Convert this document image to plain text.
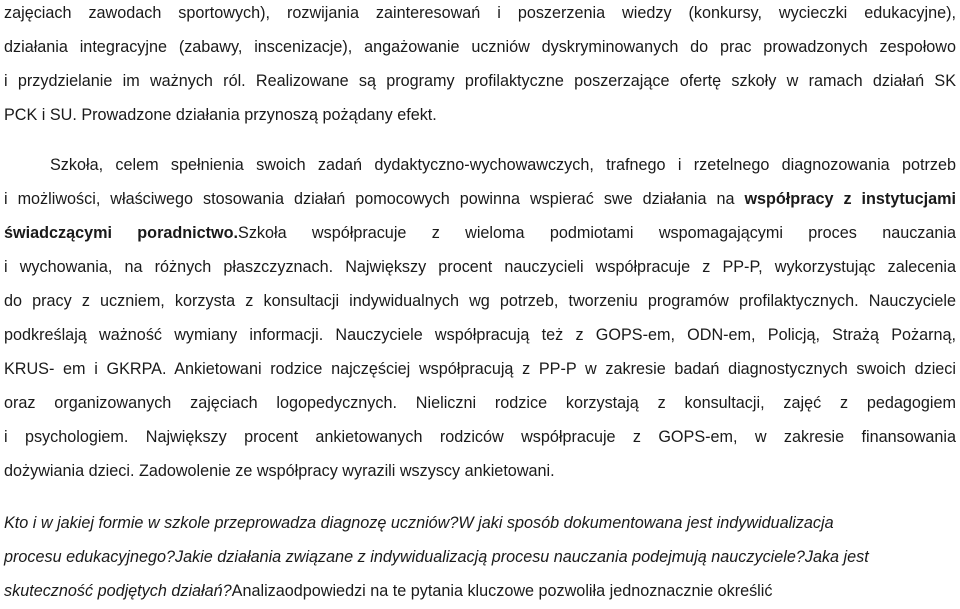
zajęciach zawodach sportowych), rozwijania zainteresowań i poszerzenia wiedzy (konkursy, wycieczki edukacyjne),
działania integracyjne (zabawy, inscenizacje), angażowanie uczniów dyskryminowanych do prac prowadzonych zespołowo
i przydzielanie im ważnych ról. Realizowane są programy profilaktyczne poszerzające ofertę szkoły w ramach działań SK
PCK i SU. Prowadzone działania przynoszą pożądany efekt.
Szkoła, celem spełnienia swoich zadań dydaktyczno-wychowawczych, trafnego i rzetelnego diagnozowania potrzeb
i możliwości, właściwego stosowania działań pomocowych powinna wspierać swe działania na współpracy z instytucjami
świadczącymi poradnictwo.Szkoła współpracuje z wieloma podmiotami wspomagającymi proces nauczania
i wychowania, na różnych płaszczyznach. Największy procent nauczycieli współpracuje z PP-P, wykorzystując zalecenia
do pracy z uczniem, korzysta z konsultacji indywidualnych wg potrzeb, tworzeniu programów profilaktycznych. Nauczyciele
podkreślają ważność wymiany informacji. Nauczyciele współpracują też z GOPS-em, ODN-em, Policją, Strażą Pożarną,
KRUS- em i GKRPA. Ankietowani rodzice najczęściej współpracują z PP-P w zakresie badań diagnostycznych swoich dzieci
oraz organizowanych zajęciach logopedycznych. Nieliczni rodzice korzystają z konsultacji, zajęć z pedagogiem
i psychologiem. Największy procent ankietowanych rodziców współpracuje z GOPS-em, w zakresie finansowania
dożywiania dzieci. Zadowolenie ze współpracy wyrazili wszyscy ankietowani.
Kto i w jakiej formie w szkole przeprowadza diagnozę uczniów?W jaki sposób dokumentowana jest indywidualizacja
procesu edukacyjnego?Jakie działania związane z indywidualizacją procesu nauczania podejmują nauczyciele?Jaka jest
skuteczność podjętych działań?Analizaodpowiedzi na te pytania kluczowe pozwoliła jednoznacznie określić
